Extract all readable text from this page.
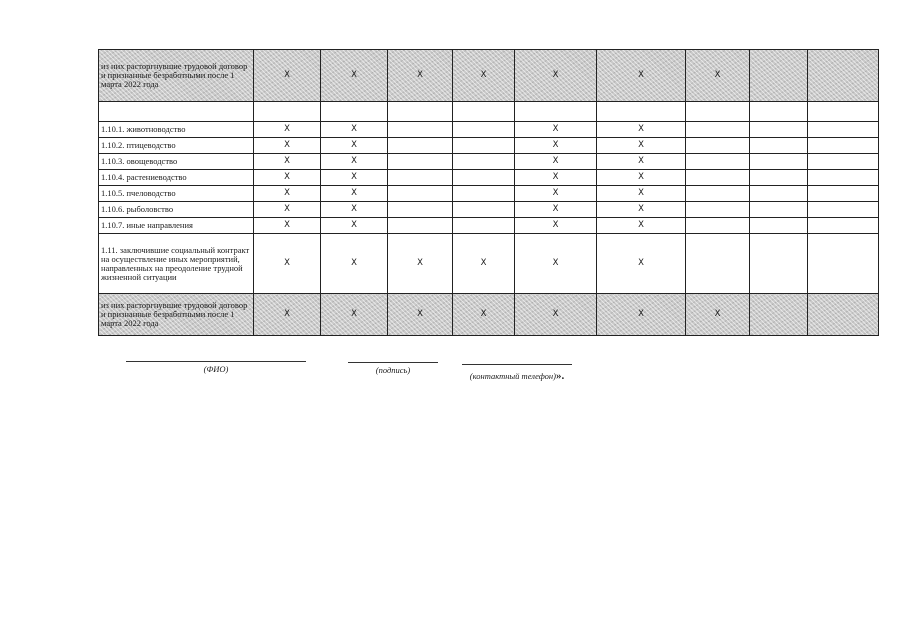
из них расторгнувшие трудовой договор и признанные безработными после 1 марта 2022 года	X	X	X	X	X	X	X		

1.10.1. животноводство	X	X			X	X			
1.10.2. птицеводство	X	X			X	X			
1.10.3. овощеводство	X	X			X	X			
1.10.4. растениеводство	X	X			X	X			
1.10.5. пчеловодство	X	X			X	X			
1.10.6. рыболовство	X	X			X	X			
1.10.7. иные направления	X	X			X	X			
1.11. заключившие социальный контракт на осуществление иных мероприятий, направленных на преодоление трудной жизненной ситуации	X	X	X	X	X	X			
из них расторгнувшие трудовой договор и признанные безработными после 1 марта 2022 года	X	X	X	X	X	X	X		
(ФИО)	(подпись)
(контактный телефон)».
